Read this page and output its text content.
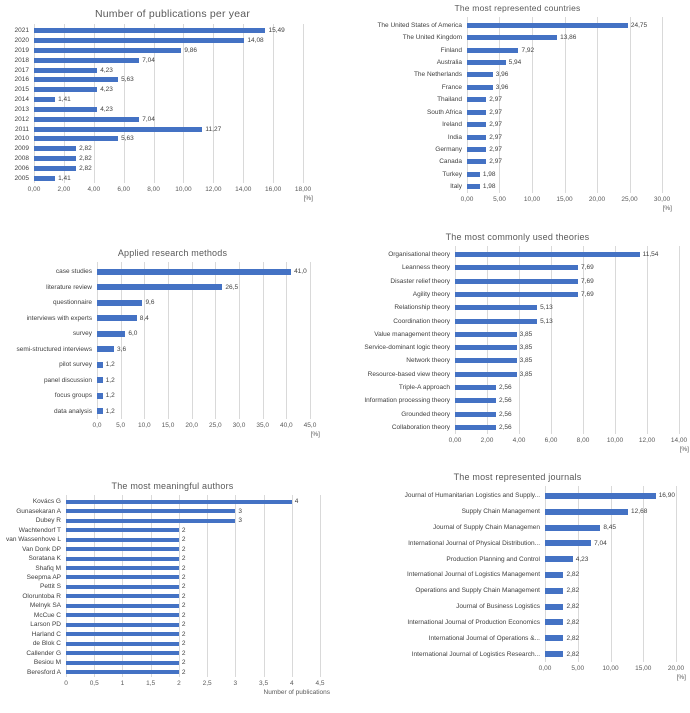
Number of publications per year
2021	15,49
2020	14,08
2019	9,86
2018	7,04
2017	4,23
2016	5,63
2015	4,23
2014	1,41
2013	4,23
2012	7,04
2011	11,27
2010	5,63
2009	2,82
2008	2,82
2006	2,82
2005	1,41
0,00	2,00	4,00	6,00	8,00 10,00 12,00 14,00 16,00 18,00
[%]
The most represented countries
The United States of America	24,75
The United Kingdom	13,86
Finland	7,92
Australia	5,94
The Netherlands	3,96
France	3,96
Thailand	2,97
South Africa	2,97
Ireland	2,97
India	2,97
Germany	2,97
Canada	2,97
Turkey	1,98
Italy	1,98
0,00	5,00	10,00 15,00 20,00 25,00 30,00
[%]
Applied research methods
case studies	41,0
literature review	26,5
questionnaire	9,6
interviews with experts	8,4
survey	6,0
semi-structured interviews	3,6
pilot survey	1,2
panel discussion	1,2
focus groups	1,2
data analysis	1,2
0,0 5,0 10,0 15,0 20,0 25,0 30,0 35,0 40,0 45,0
[%]
The most commonly used theories
Organisational theory	11,54
Leanness theory	7,69
Disaster relief theory	7,69
Agility theory	7,69
Relationship theory	5,13
Coordination theory	5,13
Value management theory	3,85
Service-dominant logic theory	3,85
Network theory	3,85
Resource-based view theory	3,85
Triple-A approach	2,56
Information processing theory	2,56
Grounded theory	2,56
Collaboration theory	2,56
0,00	2,00	4,00	6,00	8,00	10,00 12,00 14,00
[%]
The most meaningful authors
Kovács G	4
Gunasekaran A	3
Dubey R	3
Wachtendorf T	2
van Wassenhove L	2
Van Donk DP	2
Soratana K	2
Shafiq M	2
Seepma AP	2
Pettit S	2
Oloruntoba R	2
Melnyk SA	2
McCue C	2
Larson PD	2
Harland C	2
de Blok C	2
Callender G	2
Besiou M	2
Beresford A	2
0	0,5	1	1,5	2	2,5	3	3,5	4	4,5
Number of publications
The most represented journals
Journal of Humanitarian Logistics and Supply...	16,90
Supply Chain Management	12,68
Journal of Supply Chain Managemen	8,45
International Journal of Physical Distribution...	7,04
Production Planning and Control	4,23
International Journal of Logistics Management	2,82
Operations and Supply Chain Management	2,82
Journal of Business Logistics	2,82
International Journal of Production Economics	2,82
International Journal of Operations &...	2,82
International Journal of Logistics Research...	2,82
0,00	5,00	10,00	15,00	20,00
[%]
